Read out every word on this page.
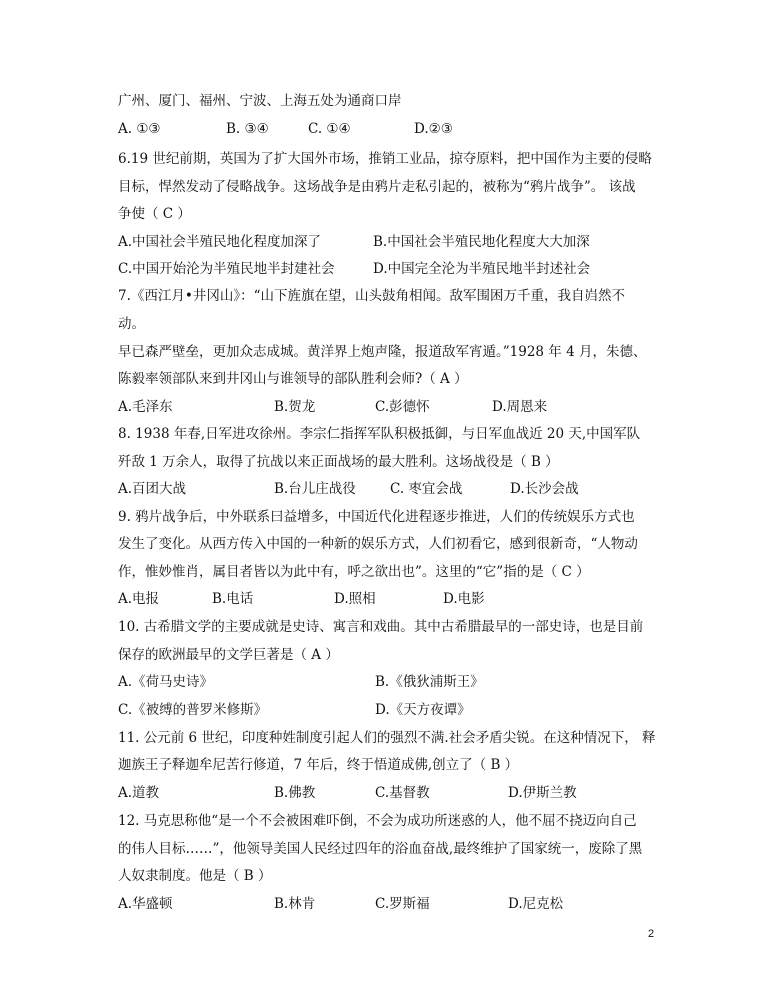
广州、厦门、福州、宁波、上海五处为通商口岸
A. ①③	B. ③④	C. ①④	D.②③
6.19 世纪前期，英国为了扩大国外市场，推销工业品，掠夺原料，把中国作为主要的侵略
目标，悍然发动了侵略战争。这场战争是由鸦片走私引起的，被称为“鸦片战争”。 该战
争使（ C ）
A.中国社会半殖民地化程度加深了	B.中国社会半殖民地化程度大大加深
C.中国开始沦为半殖民地半封建社会	D.中国完全沦为半殖民地半封述社会
7.《西江月•井冈山》：“山下旌旗在望，山头鼓角相闻。敌军围困万千重，我自岿然不
动。
早已森严壁垒，更加众志成城。黄洋界上炮声隆，报道敌军宵遁。”1928 年 4 月，朱德、
陈毅率领部队来到井冈山与谁领导的部队胜利会师?（ A ）
A.毛泽东	B.贺龙	C.彭德怀	D.周恩来
8. 1938 年春,日军进攻徐州。李宗仁指挥军队积极抵御，与日军血战近 20 天,中国军队
歼敌 1 万余人，取得了抗战以来正面战场的最大胜利。这场战役是（ B ）
A.百团大战	B.台儿庄战役	C. 枣宜会战	D.长沙会战
9. 鸦片战争后，中外联系曰益增多，中国近代化进程逐步推进，人们的传统娱乐方式也
发生了变化。从西方传入中国的一种新的娱乐方式，人们初看它，感到很新奇，“人物动
作，惟妙惟肖，属目者皆以为此中有，呼之欲出也”。这里的“它”指的是（ C ）
A.电报	B.电话	D.照相	D.电影
10. 古希腊文学的主要成就是史诗、寓言和戏曲。其中古希腊最早的一部史诗，也是目前
保存的欧洲最早的文学巨著是（ A ）
A.《荷马史诗》	B.《俄狄浦斯王》
C.《被缚的普罗米修斯》	D.《天方夜谭》
11. 公元前 6 世纪，印度种姓制度引起人们的强烈不满.社会矛盾尖锐。在这种情况下， 释
迦族王子释迦牟尼苦行修道，7 年后，终于悟道成佛,创立了（ B ）
A.道教	B.佛教	C.基督教	D.伊斯兰教
12. 马克思称他“是一个不会被困难吓倒，不会为成功所迷惑的人，他不屈不挠迈向自己
的伟人目标……”，他领导美国人民经过四年的浴血奋战,最终维护了国家统一，废除了黑
人奴隶制度。他是（ B ）
A.华盛顿	B.林肯	C.罗斯福	D.尼克松
2
